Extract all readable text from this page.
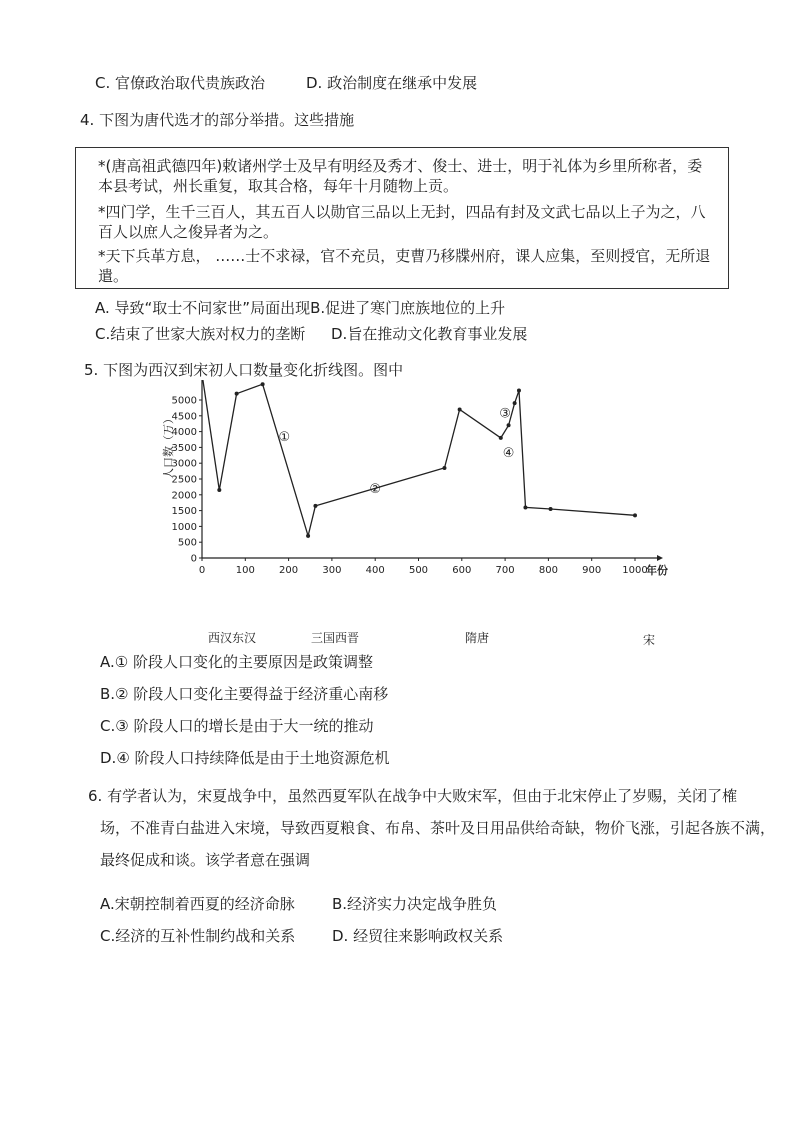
C. 官僚政治取代贵族政治	D. 政治制度在继承中发展
4. 下图为唐代选才的部分举措。这些措施
*(唐高祖武德四年)敕诸州学士及早有明经及秀才、俊士、进士，明于礼体为乡里所称者，委
本县考试，州长重复，取其合格，每年十月随物上贡。
*四门学，生千三百人，其五百人以勋官三品以上无封，四品有封及文武七品以上子为之，八
百人以庶人之俊异者为之。
*天下兵革方息， ……士不求禄，官不充员，吏曹乃移牒州府，课人应集，至则授官，无所退
遣。
A. 导致“取士不问家世”局面出现B.促进了寒门庶族地位的上升
C.结束了世家大族对权力的垄断 D.旨在推动文化教育事业发展
5. 下图为西汉到宋初人口数量变化折线图。图中
0
500
1000
1500
2000
2500
3000
3500
4000
4500
5000
0	100 200 300 400 500 600 700 800 900 1000
①
②
③
④
人口数（万）
年份
西汉东汉	三国西晋	隋唐	宋
A.① 阶段人口变化的主要原因是政策调整
B.② 阶段人口变化主要得益于经济重心南移
C.③ 阶段人口的增长是由于大一统的推动
D.④ 阶段人口持续降低是由于土地资源危机
6. 有学者认为，宋夏战争中，虽然西夏军队在战争中大败宋军，但由于北宋停止了岁赐，关闭了榷
场，不准青白盐进入宋境，导致西夏粮食、布帛、茶叶及日用品供给奇缺，物价飞涨，引起各族不满，
最终促成和谈。该学者意在强调
A.宋朝控制着西夏的经济命脉 B.经济实力决定战争胜负
C.经济的互补性制约战和关系 D. 经贸往来影响政权关系
